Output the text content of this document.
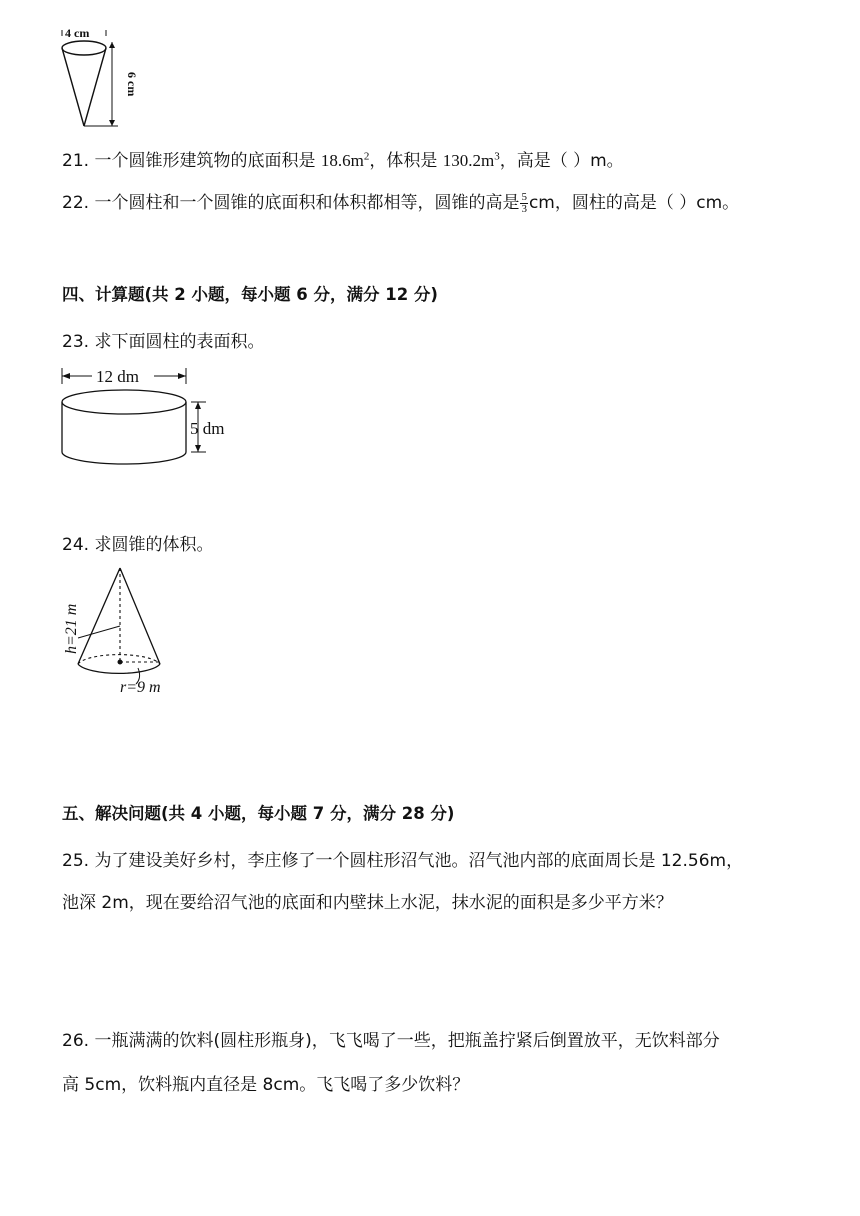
4 cm
6 cm
21. 一个圆锥形建筑物的底面积是 $18.6m^2$，体积是 $130.2m^3$，高是（ ）m。
22. 一个圆柱和一个圆锥的底面积和体积都相等，圆锥的高是 $\frac{5}{3}$ cm，圆柱的高是（ ）cm。
四、计算题(共 2 小题，每小题 6 分，满分 12 分)
23. 求下面圆柱的表面积。
12 dm
5 dm
24. 求圆锥的体积。
h=21 m
r=9 m
五、解决问题(共 4 小题，每小题 7 分，满分 28 分)
25. 为了建设美好乡村，李庄修了一个圆柱形沼气池。沼气池内部的底面周长是 12.56m，
池深 2m，现在要给沼气池的底面和内壁抹上水泥，抹水泥的面积是多少平方米？
26. 一瓶满满的饮料(圆柱形瓶身)，飞飞喝了一些，把瓶盖拧紧后倒置放平，无饮料部分
高 5cm，饮料瓶内直径是 8cm。飞飞喝了多少饮料？
